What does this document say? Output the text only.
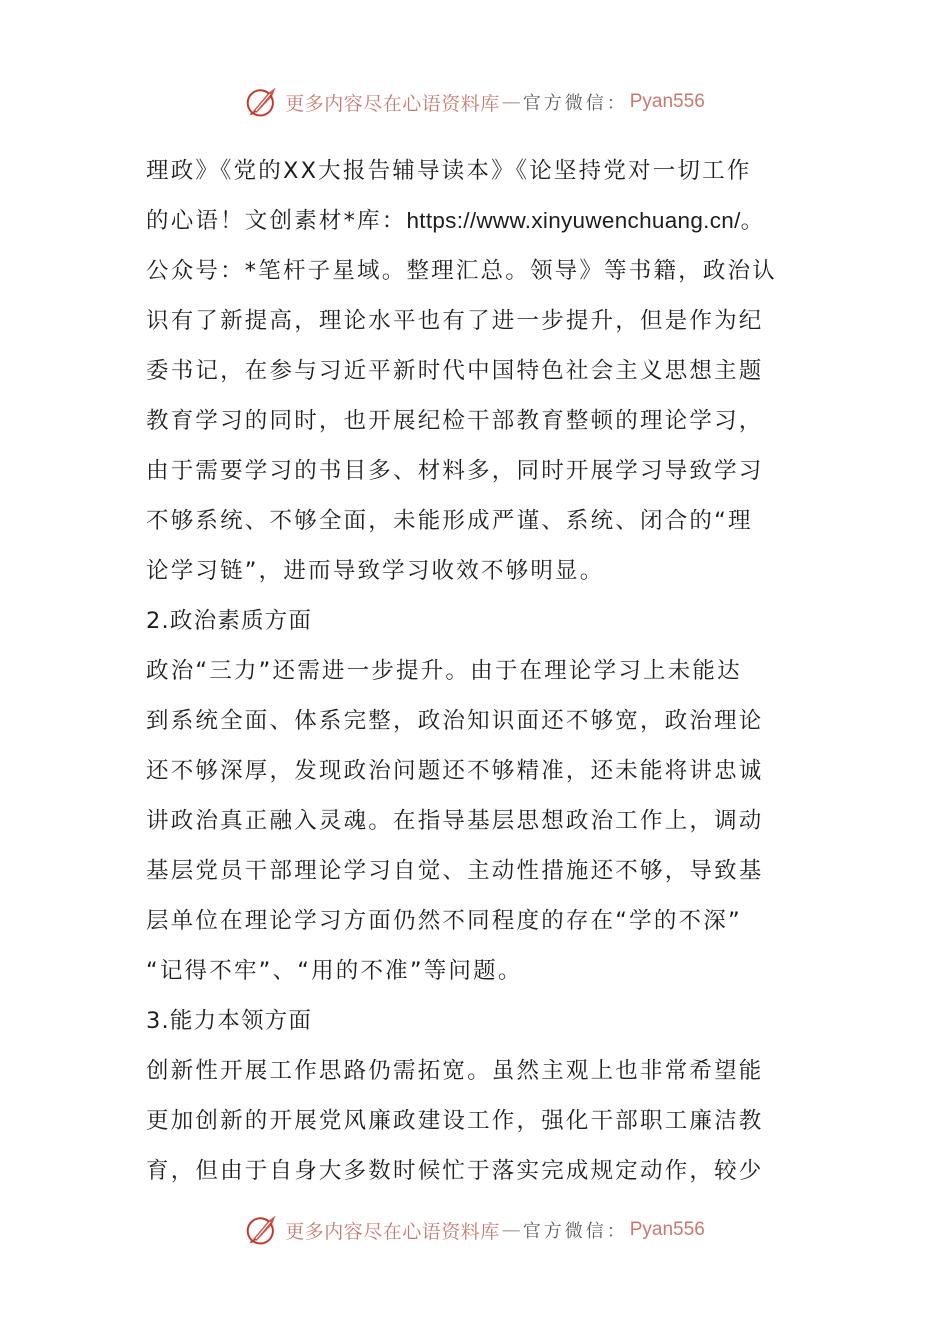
更多内容尽在心语资料库 — 官方微信： Pyan556
理政》《党的XX大报告辅导读本》《论坚持党对一切工作
的心语！文创素材*库：https://www.xinyuwenchuang.cn/。
公众号：*笔杆子星域。整理汇总。领导》等书籍，政治认
识有了新提高，理论水平也有了进一步提升，但是作为纪
委书记，在参与习近平新时代中国特色社会主义思想主题
教育学习的同时，也开展纪检干部教育整顿的理论学习，
由于需要学习的书目多、材料多，同时开展学习导致学习
不够系统、不够全面，未能形成严谨、系统、闭合的“理
论学习链”，进而导致学习收效不够明显。
2.政治素质方面
政治“三力”还需进一步提升。由于在理论学习上未能达
到系统全面、体系完整，政治知识面还不够宽，政治理论
还不够深厚，发现政治问题还不够精准，还未能将讲忠诚
讲政治真正融入灵魂。在指导基层思想政治工作上，调动
基层党员干部理论学习自觉、主动性措施还不够，导致基
层单位在理论学习方面仍然不同程度的存在“学的不深”
“记得不牢”、“用的不准”等问题。
3.能力本领方面
创新性开展工作思路仍需拓宽。虽然主观上也非常希望能
更加创新的开展党风廉政建设工作，强化干部职工廉洁教
育，但由于自身大多数时候忙于落实完成规定动作，较少
更多内容尽在心语资料库 — 官方微信： Pyan556
